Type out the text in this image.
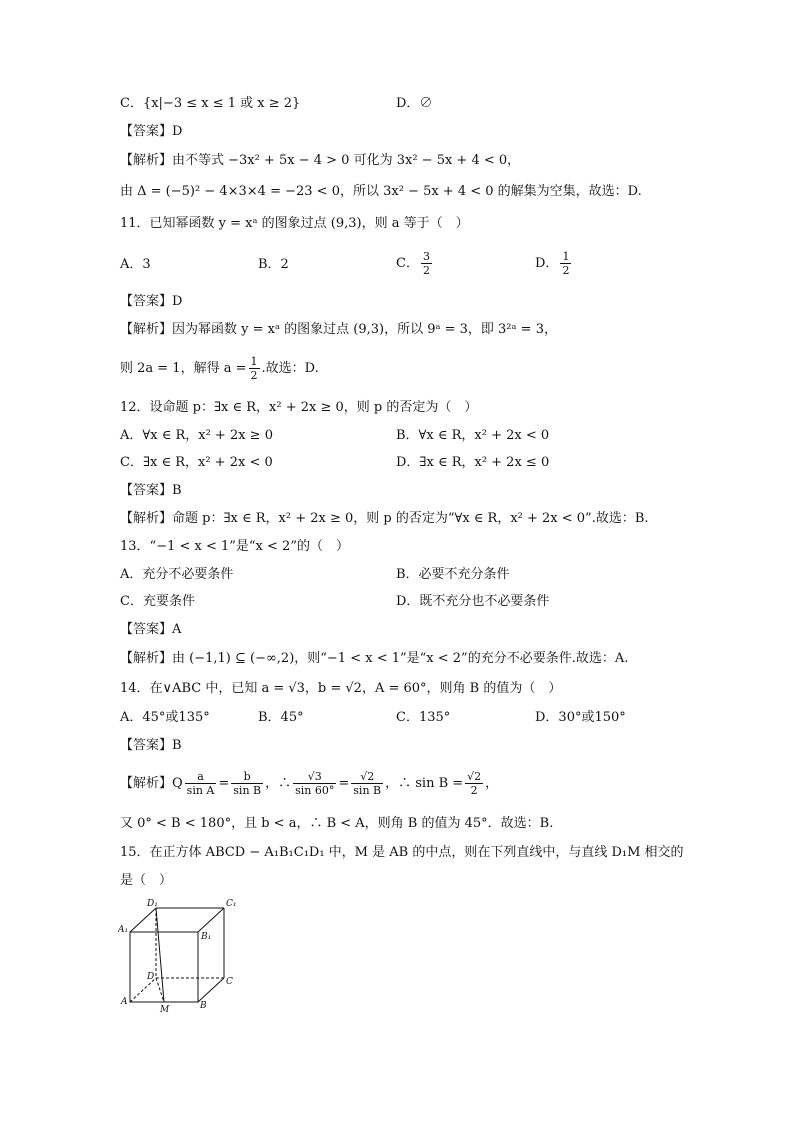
C．{x|−3 ≤ x ≤ 1 或 x ≥ 2}	D．∅
【答案】D
【解析】由不等式 −3x² + 5x − 4 > 0 可化为 3x² − 5x + 4 < 0，
由 Δ = (−5)² − 4×3×4 = −23 < 0，所以 3x² − 5x + 4 < 0 的解集为空集，故选：D.
11．已知幂函数 y = xᵃ 的图象过点 (9,3)，则 a 等于（　）
A．3	B．2	C． $\frac{3}{2}$	D． $\frac{1}{2}$
【答案】D
【解析】因为幂函数 y = xᵃ 的图象过点 (9,3)，所以 9ᵃ = 3，即 3²ᵃ = 3，
则 2a = 1，解得 $a = \frac{1}{2}$ .故选：D.
12．设命题 p：∃x ∈ R，x² + 2x ≥ 0，则 p 的否定为（　）
A．∀x ∈ R，x² + 2x ≥ 0	B．∀x ∈ R，x² + 2x < 0
C．∃x ∈ R，x² + 2x < 0	D．∃x ∈ R，x² + 2x ≤ 0
【答案】B
【解析】命题 p：∃x ∈ R，x² + 2x ≥ 0，则 p 的否定为“∀x ∈ R，x² + 2x < 0”.故选：B.
13．“−1 < x < 1”是“x < 2”的（　）
A．充分不必要条件	B．必要不充分条件
C．充要条件	D．既不充分也不必要条件
【答案】A
【解析】由 (−1,1) ⊆ (−∞,2)，则“−1 < x < 1”是“x < 2”的充分不必要条件.故选：A.
14．在∨ABC 中，已知 a = √3，b = √2，A = 60°，则角 B 的值为（　）
A．45°或135°	B．45°	C．135°	D．30°或150°
【答案】B
【解析】Q $\frac{a}{\text{sin A}} = \frac{b}{\text{sin B}}$ ，∴ $\frac{√3}{\sin 60^\circ} = \frac{√2}{\text{sin B}}$ ，∴ $\sin B = \frac{√2}{2}$ ，
又 0° < B < 180°，且 b < a，∴ B < A，则角 B 的值为 45°．故选：B.
15．在正方体 ABCD − A₁B₁C₁D₁ 中，M 是 AB 的中点，则在下列直线中，与直线 D₁M 相交的
是（　）
D₁	C₁
A₁
B₁
D	C
A
M	B
